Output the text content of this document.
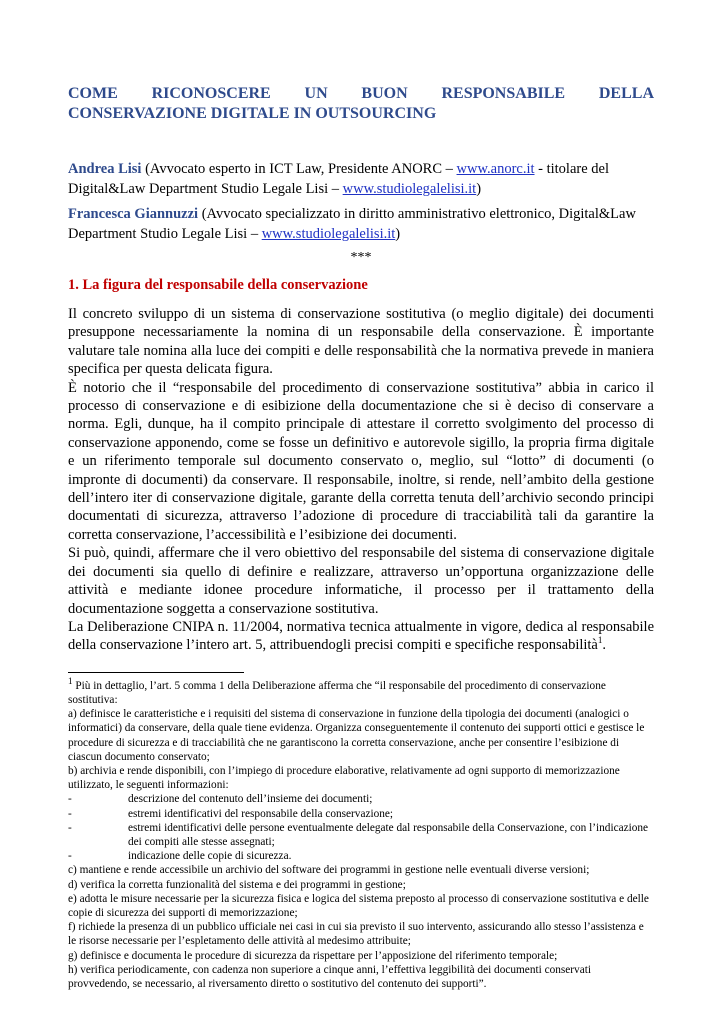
COME RICONOSCERE UN BUON RESPONSABILE DELLA
CONSERVAZIONE DIGITALE IN OUTSOURCING

Andrea Lisi (Avvocato esperto in ICT Law, Presidente ANORC – www.anorc.it - titolare del Digital&Law Department Studio Legale Lisi – www.studiolegalelisi.it)

Francesca Giannuzzi (Avvocato specializzato in diritto amministrativo elettronico, Digital&Law Department Studio Legale Lisi – www.studiolegalelisi.it)

***

1. La figura del responsabile della conservazione

Il concreto sviluppo di un sistema di conservazione sostitutiva (o meglio digitale) dei documenti presuppone necessariamente la nomina di un responsabile della conservazione. È importante valutare tale nomina alla luce dei compiti e delle responsabilità che la normativa prevede in maniera specifica per questa delicata figura.

È notorio che il “responsabile del procedimento di conservazione sostitutiva” abbia in carico il processo di conservazione e di esibizione della documentazione che si è deciso di conservare a norma. Egli, dunque, ha il compito principale di attestare il corretto svolgimento del processo di conservazione apponendo, come se fosse un definitivo e autorevole sigillo, la propria firma digitale e un riferimento temporale sul documento conservato o, meglio, sul “lotto” di documenti (o impronte di documenti) da conservare. Il responsabile, inoltre, si rende, nell’ambito della gestione dell’intero iter di conservazione digitale, garante della corretta tenuta dell’archivio secondo principi documentati di sicurezza, attraverso l’adozione di procedure di tracciabilità tali da garantire la corretta conservazione, l’accessibilità e l’esibizione dei documenti.

Si può, quindi, affermare che il vero obiettivo del responsabile del sistema di conservazione digitale dei documenti sia quello di definire e realizzare, attraverso un’opportuna organizzazione delle attività e mediante idonee procedure informatiche, il processo per il trattamento della documentazione soggetta a conservazione sostitutiva.

La Deliberazione CNIPA n. 11/2004, normativa tecnica attualmente in vigore, dedica al responsabile della conservazione l’intero art. 5, attribuendogli precisi compiti e specifiche responsabilità$^1$.

$^1$ Più in dettaglio, l’art. 5 comma 1 della Deliberazione afferma che “il responsabile del procedimento di conservazione sostitutiva:

a) definisce le caratteristiche e i requisiti del sistema di conservazione in funzione della tipologia dei documenti (analogici o informatici) da conservare, della quale tiene evidenza. Organizza conseguentemente il contenuto dei supporti ottici e gestisce le procedure di sicurezza e di tracciabilità che ne garantiscono la corretta conservazione, anche per consentire l’esibizione di ciascun documento conservato;

b) archivia e rende disponibili, con l’impiego di procedure elaborative, relativamente ad ogni supporto di memorizzazione utilizzato, le seguenti informazioni:

-	descrizione del contenuto dell’insieme dei documenti;
-	estremi identificativi del responsabile della conservazione;
-	estremi identificativi delle persone eventualmente delegate dal responsabile della Conservazione, con l’indicazione dei compiti alle stesse assegnati;
-	indicazione delle copie di sicurezza.

c) mantiene e rende accessibile un archivio del software dei programmi in gestione nelle eventuali diverse versioni;

d) verifica la corretta funzionalità del sistema e dei programmi in gestione;

e) adotta le misure necessarie per la sicurezza fisica e logica del sistema preposto al processo di conservazione sostitutiva e delle copie di sicurezza dei supporti di memorizzazione;

f) richiede la presenza di un pubblico ufficiale nei casi in cui sia previsto il suo intervento, assicurando allo stesso l’assistenza e le risorse necessarie per l’espletamento delle attività al medesimo attribuite;

g) definisce e documenta le procedure di sicurezza da rispettare per l’apposizione del riferimento temporale;

h) verifica periodicamente, con cadenza non superiore a cinque anni, l’effettiva leggibilità dei documenti conservati provvedendo, se necessario, al riversamento diretto o sostitutivo del contenuto dei supporti”.
